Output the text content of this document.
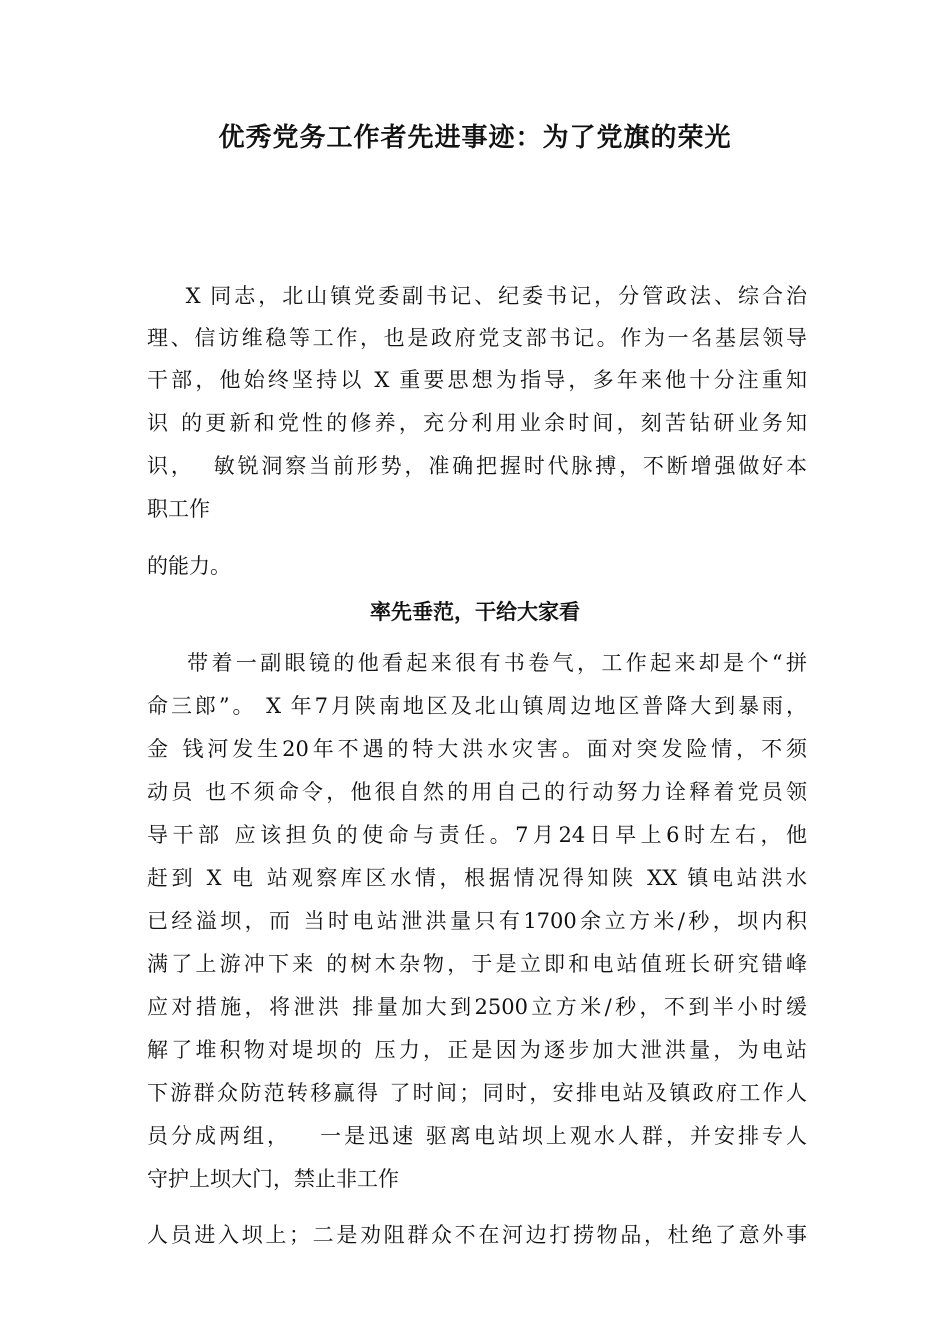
优秀党务工作者先进事迹：为了党旗的荣光
X 同志，北山镇党委副书记、纪委书记，分管政法、综合治
理、信访维稳等工作，也是政府党支部书记。作为一名基层领导
干部，他始终坚持以 X 重要思想为指导，多年来他十分注重知
识 的更新和党性的修养，充分利用业余时间，刻苦钻研业务知
识，  敏锐洞察当前形势，准确把握时代脉搏，不断增强做好本
职工作
的能力。
率先垂范，干给大家看
带着一副眼镜的他看起来很有书卷气，工作起来却是个“拼
命三郎”。 X 年7月陕南地区及北山镇周边地区普降大到暴雨，
金 钱河发生20年不遇的特大洪水灾害。面对突发险情，不须
动员 也不须命令，他很自然的用自己的行动努力诠释着党员领
导干部 应该担负的使命与责任。7月24日早上6时左右，他
赶到 X 电 站观察库区水情，根据情况得知陕 XX 镇电站洪水
已经溢坝，而 当时电站泄洪量只有1700余立方米/秒，坝内积
满了上游冲下来 的树木杂物，于是立即和电站值班长研究错峰
应对措施，将泄洪 排量加大到2500立方米/秒，不到半小时缓
解了堆积物对堤坝的 压力，正是因为逐步加大泄洪量，为电站
下游群众防范转移赢得 了时间；同时，安排电站及镇政府工作人
员分成两组，   一是迅速 驱离电站坝上观水人群，并安排专人
守护上坝大门，禁止非工作
人员进入坝上；二是劝阻群众不在河边打捞物品，杜绝了意外事
